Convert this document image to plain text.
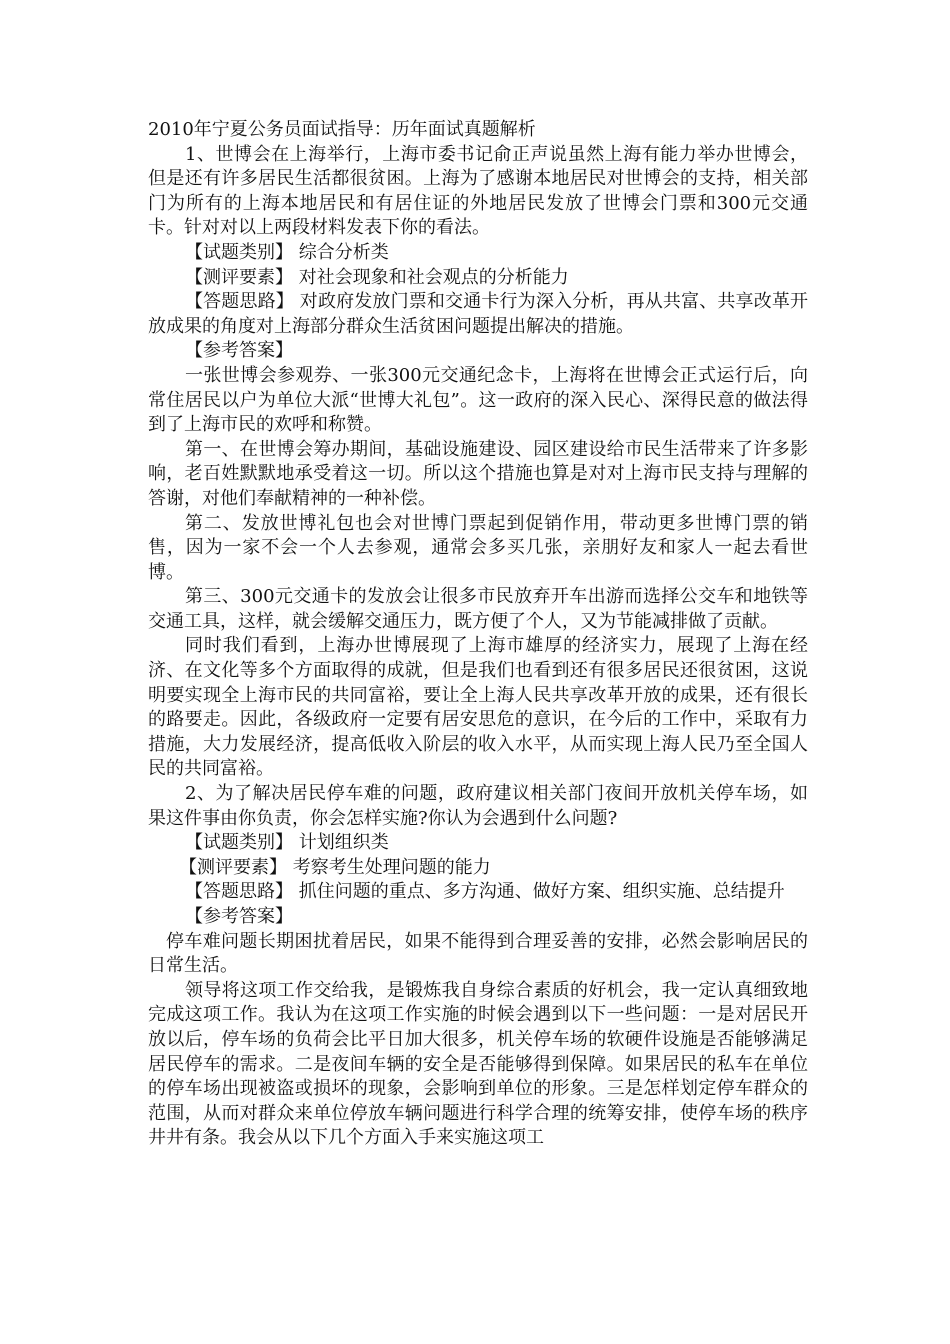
2010年宁夏公务员面试指导：历年面试真题解析

1、世博会在上海举行，上海市委书记俞正声说虽然上海有能力举办世博会，但是还有许多居民生活都很贫困。上海为了感谢本地居民对世博会的支持，相关部门为所有的上海本地居民和有居住证的外地居民发放了世博会门票和300元交通卡。针对对以上两段材料发表下你的看法。

【试题类别】 综合分析类

【测评要素】 对社会现象和社会观点的分析能力

【答题思路】 对政府发放门票和交通卡行为深入分析，再从共富、共享改革开放成果的角度对上海部分群众生活贫困问题提出解决的措施。

【参考答案】

一张世博会参观券、一张300元交通纪念卡，上海将在世博会正式运行后，向常住居民以户为单位大派“世博大礼包”。这一政府的深入民心、深得民意的做法得到了上海市民的欢呼和称赞。

第一、在世博会筹办期间，基础设施建设、园区建设给市民生活带来了许多影响，老百姓默默地承受着这一切。所以这个措施也算是对对上海市民支持与理解的答谢，对他们奉献精神的一种补偿。

第二、发放世博礼包也会对世博门票起到促销作用，带动更多世博门票的销售，因为一家不会一个人去参观，通常会多买几张，亲朋好友和家人一起去看世博。

第三、300元交通卡的发放会让很多市民放弃开车出游而选择公交车和地铁等交通工具，这样，就会缓解交通压力，既方便了个人，又为节能减排做了贡献。

同时我们看到，上海办世博展现了上海市雄厚的经济实力，展现了上海在经济、在文化等多个方面取得的成就，但是我们也看到还有很多居民还很贫困，这说明要实现全上海市民的共同富裕，要让全上海人民共享改革开放的成果，还有很长的路要走。因此，各级政府一定要有居安思危的意识，在今后的工作中，采取有力措施，大力发展经济，提高低收入阶层的收入水平，从而实现上海人民乃至全国人民的共同富裕。

2、为了解决居民停车难的问题，政府建议相关部门夜间开放机关停车场，如果这件事由你负责，你会怎样实施?你认为会遇到什么问题?

【试题类别】 计划组织类

【测评要素】 考察考生处理问题的能力

【答题思路】 抓住问题的重点、多方沟通、做好方案、组织实施、总结提升

【参考答案】

停车难问题长期困扰着居民，如果不能得到合理妥善的安排，必然会影响居民的日常生活。

领导将这项工作交给我，是锻炼我自身综合素质的好机会，我一定认真细致地完成这项工作。我认为在这项工作实施的时候会遇到以下一些问题：一是对居民开放以后，停车场的负荷会比平日加大很多，机关停车场的软硬件设施是否能够满足居民停车的需求。二是夜间车辆的安全是否能够得到保障。如果居民的私车在单位的停车场出现被盗或损坏的现象，会影响到单位的形象。三是怎样划定停车群众的范围，从而对群众来单位停放车辆问题进行科学合理的统筹安排，使停车场的秩序井井有条。我会从以下几个方面入手来实施这项工
